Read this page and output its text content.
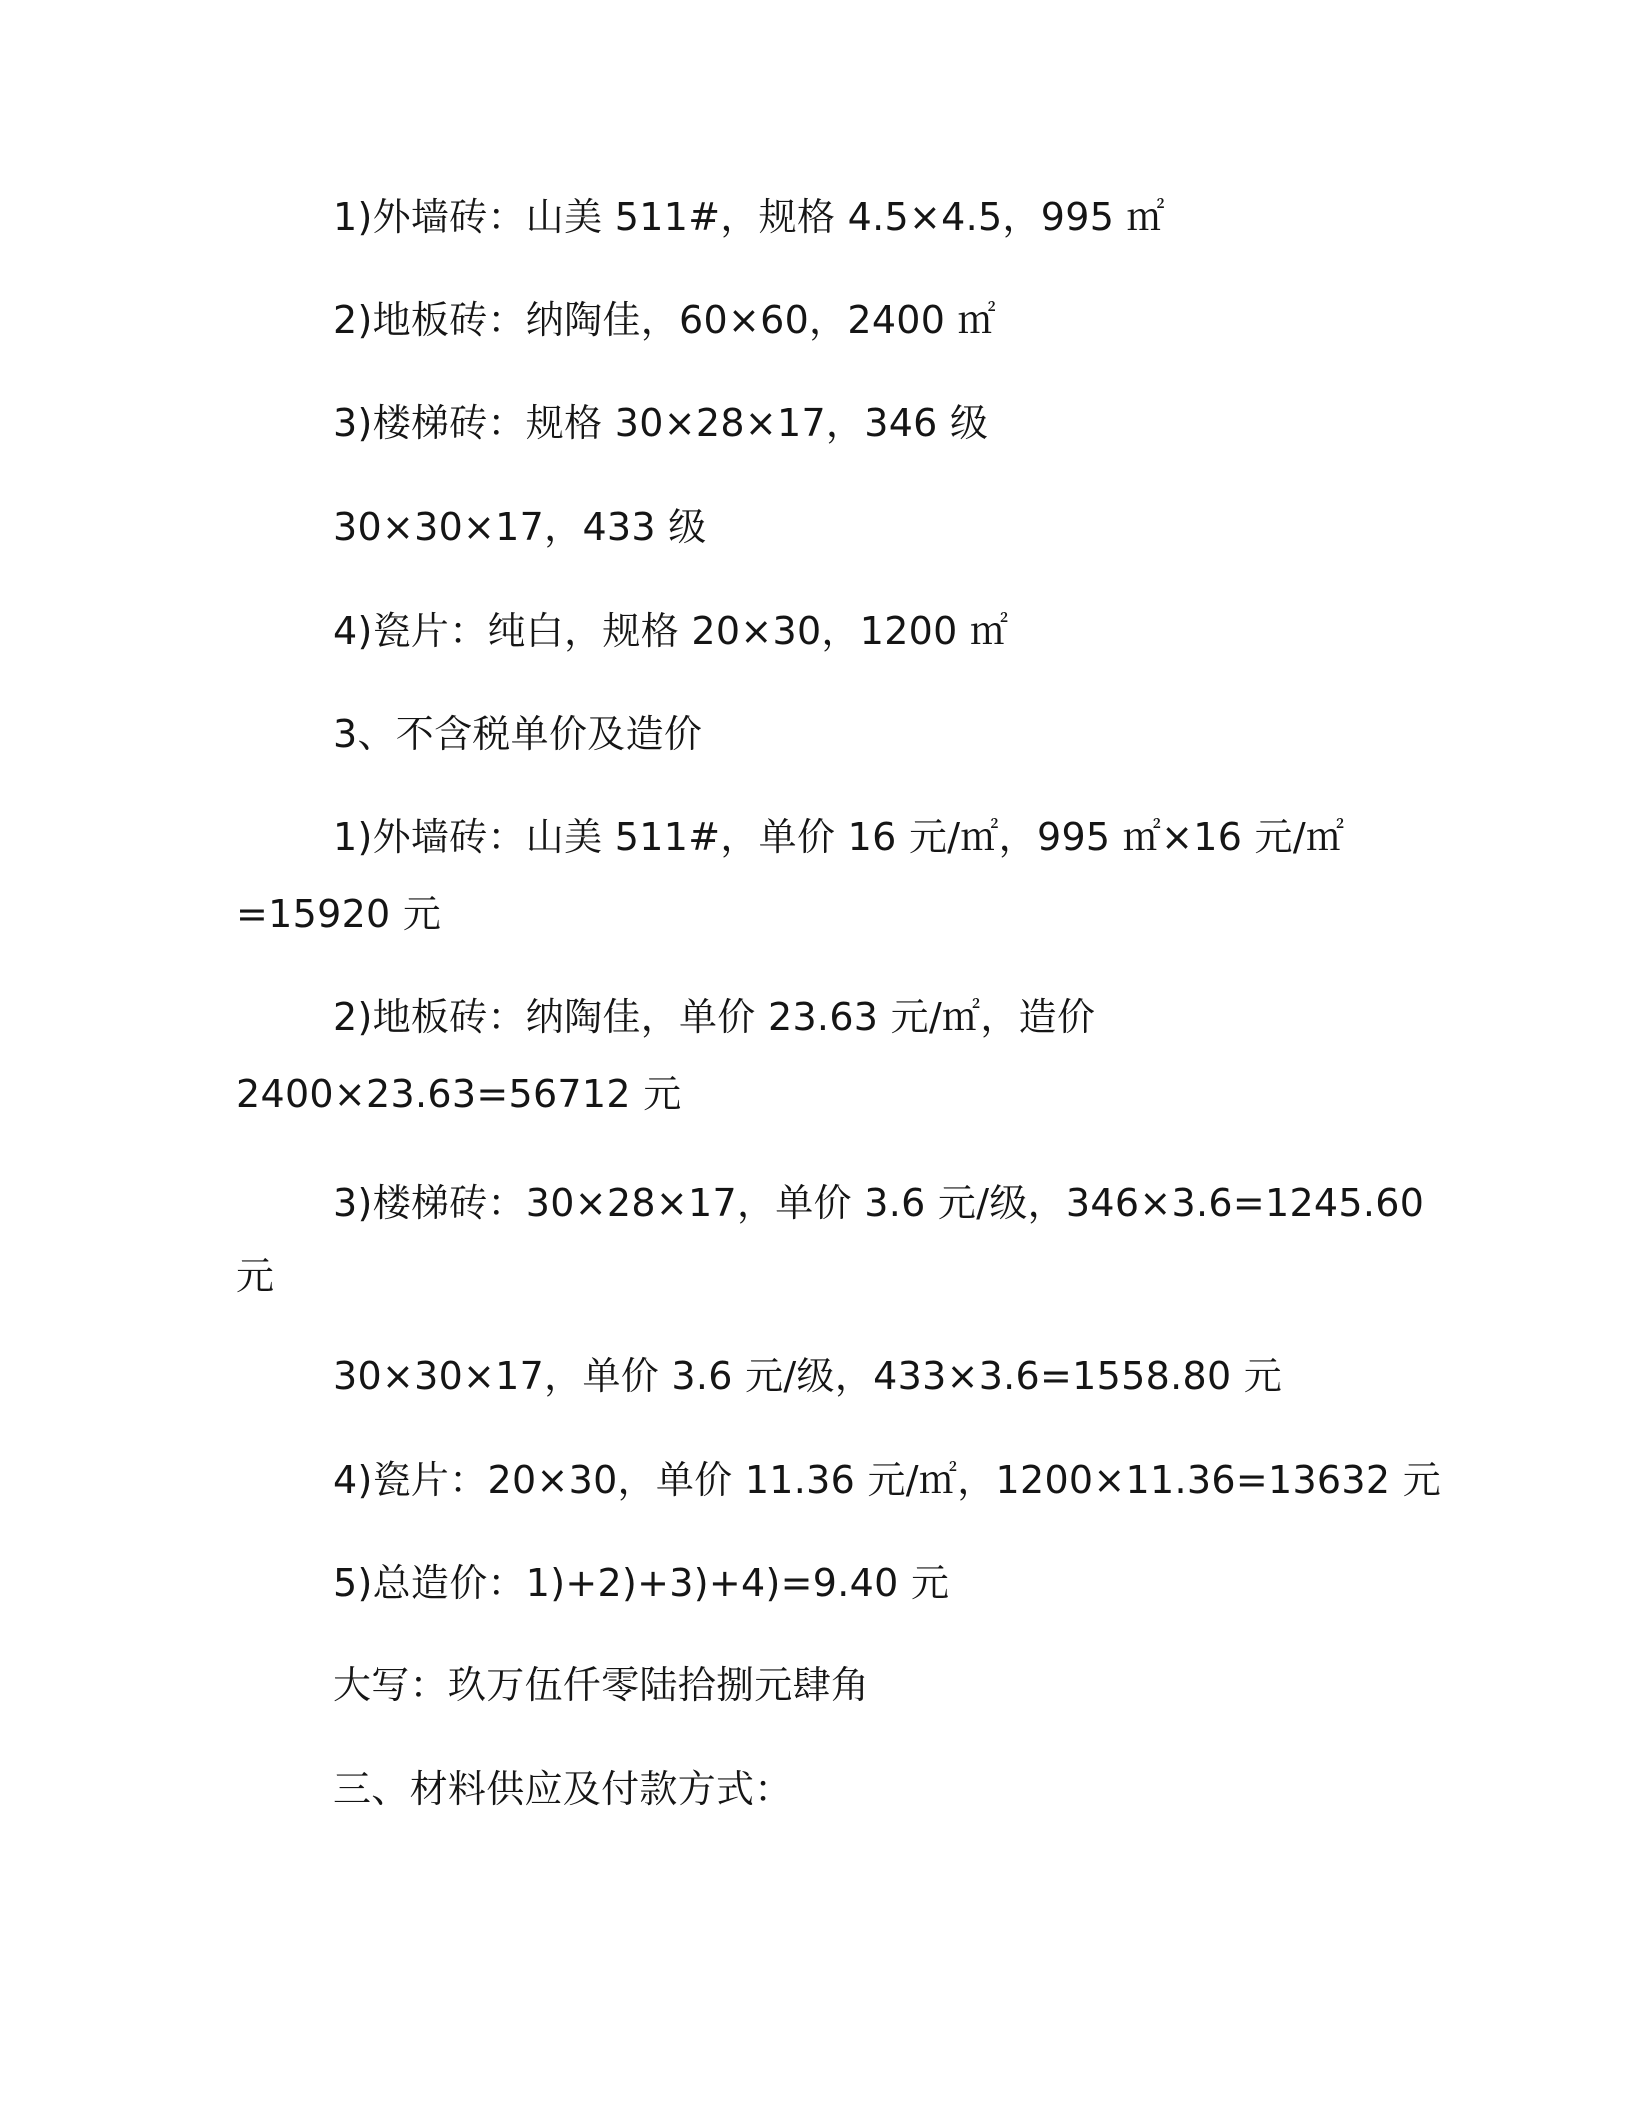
1)外墙砖：山美 511#，规格 4.5×4.5，995 ㎡
2)地板砖：纳陶佳，60×60，2400 ㎡
3)楼梯砖：规格 30×28×17，346 级
30×30×17，433 级
4)瓷片：纯白，规格 20×30，1200 ㎡
3、不含税单价及造价
1)外墙砖：山美 511#，单价 16 元/㎡，995 ㎡×16 元/㎡
=15920 元
2)地板砖：纳陶佳，单价 23.63 元/㎡，造价
2400×23.63=56712 元
3)楼梯砖：30×28×17，单价 3.6 元/级，346×3.6=1245.60
元
30×30×17，单价 3.6 元/级，433×3.6=1558.80 元
4)瓷片：20×30，单价 11.36 元/㎡，1200×11.36=13632 元
5)总造价：1)+2)+3)+4)=9.40 元
大写：玖万伍仟零陆拾捌元肆角
三、材料供应及付款方式：
